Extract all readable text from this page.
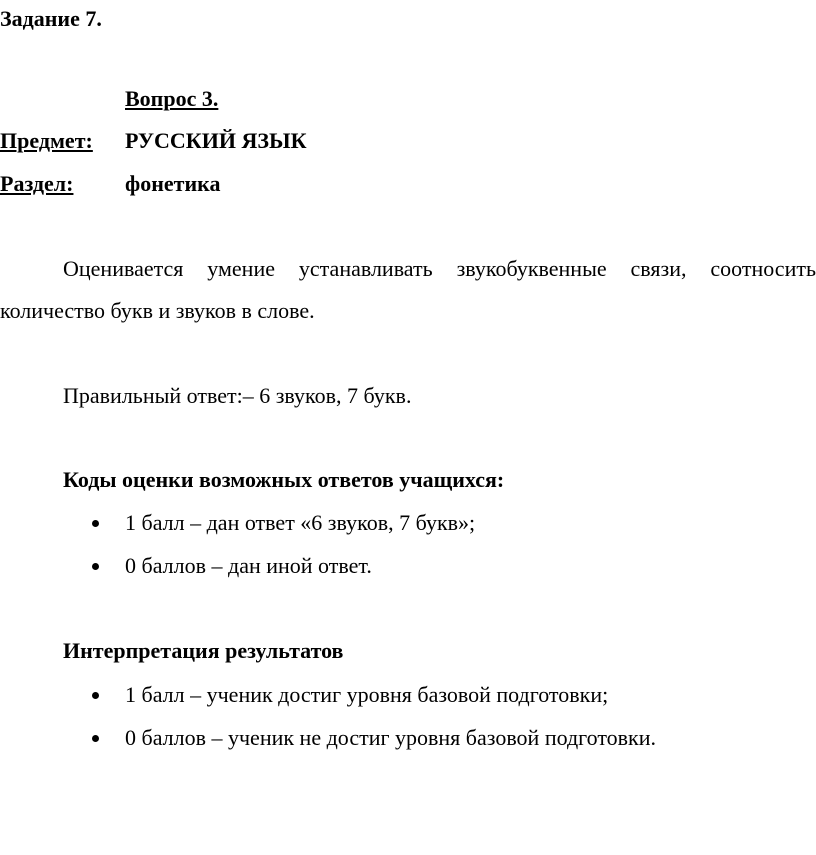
Задание 7.
Вопрос 3.
Предмет: РУССКИЙ ЯЗЫК
Раздел: фонетика
Оценивается умение устанавливать звукобуквенные связи, соотносить
количество букв и звуков в слове.
Правильный ответ:– 6 звуков, 7 букв.
Коды оценки возможных ответов учащихся:
1 балл – дан ответ «6 звуков, 7 букв»;
0 баллов – дан иной ответ.
Интерпретация результатов
1 балл – ученик достиг уровня базовой подготовки;
0 баллов – ученик не достиг уровня базовой подготовки.
